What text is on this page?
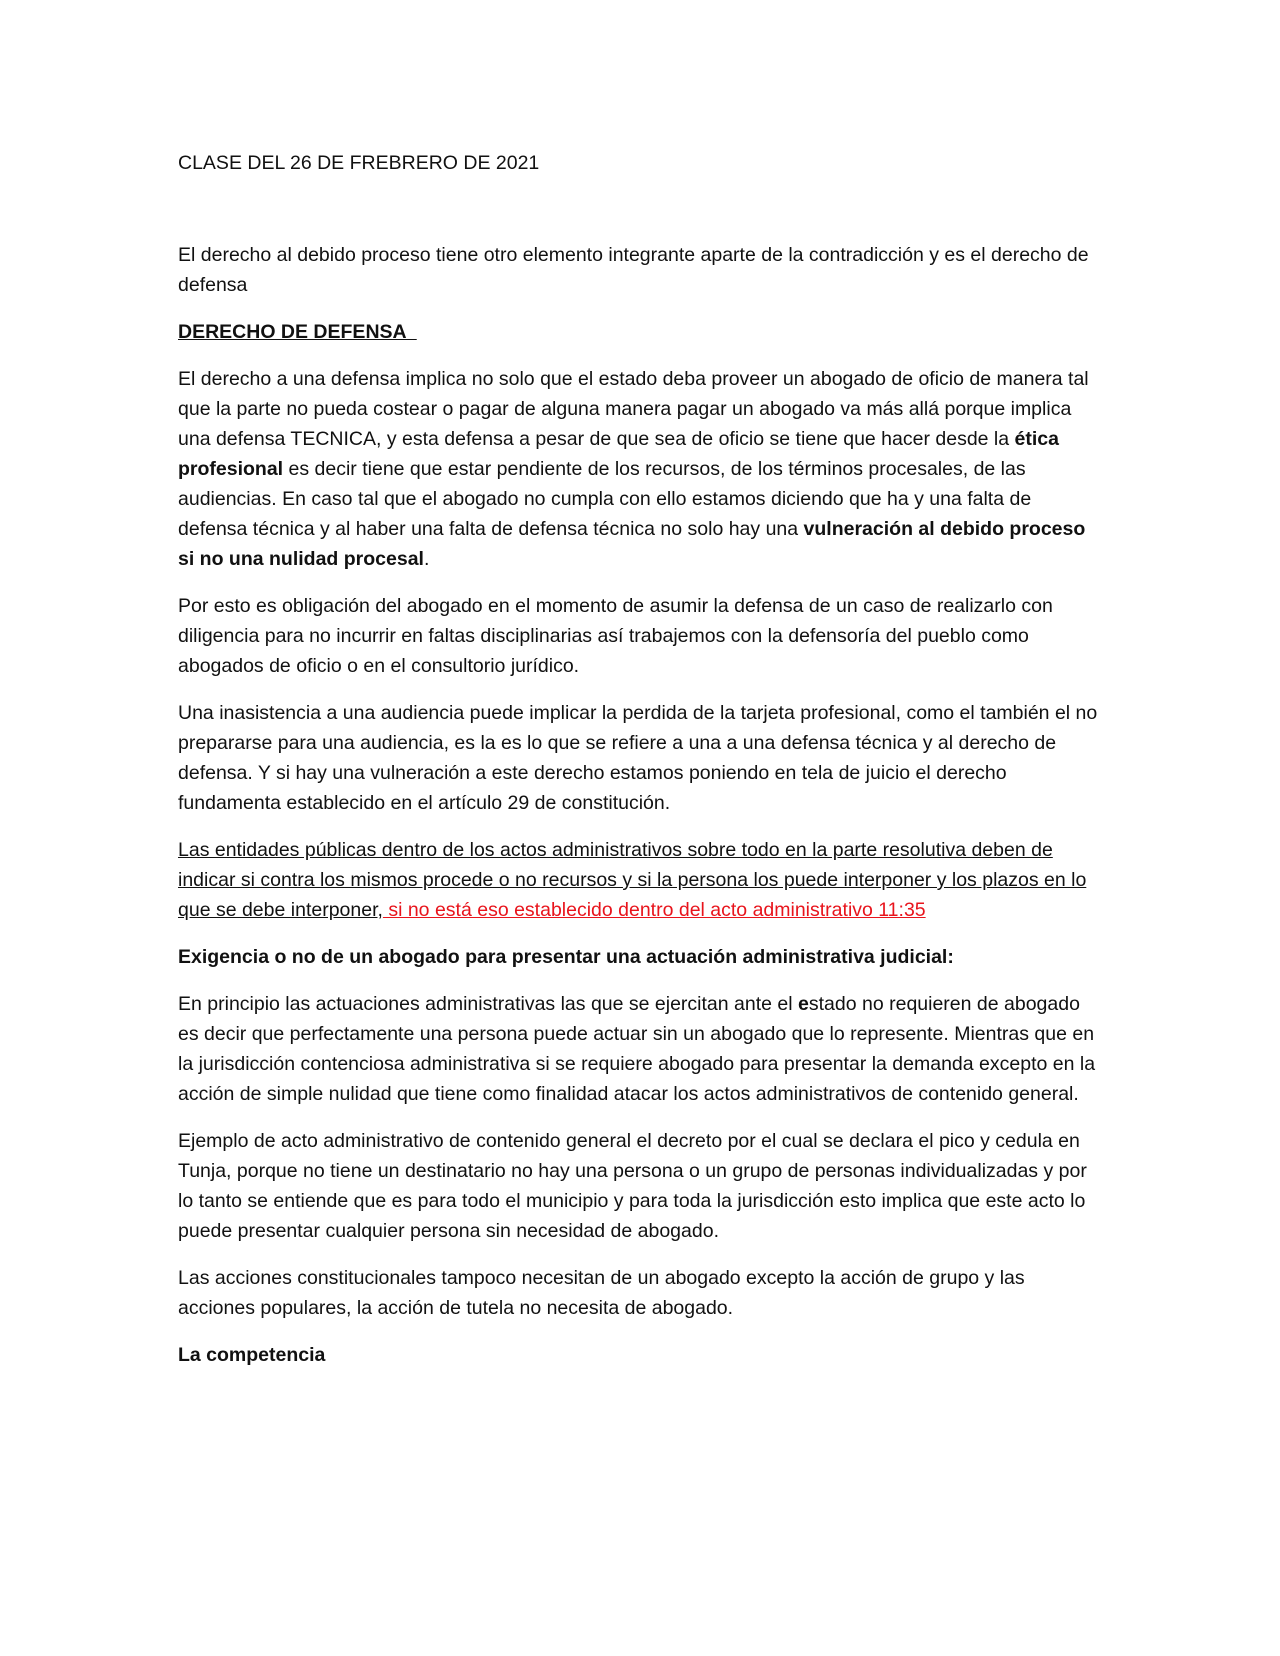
CLASE DEL 26 DE FREBRERO DE 2021

El derecho al debido proceso tiene otro elemento integrante aparte de la contradicción y es el derecho de defensa

DERECHO DE DEFENSA

El derecho a una defensa implica no solo que el estado deba proveer un abogado de oficio de manera tal que la parte no pueda costear o pagar de alguna manera pagar un abogado va más allá porque implica una defensa TECNICA, y esta defensa a pesar de que sea de oficio se tiene que hacer desde la ética profesional es decir tiene que estar pendiente de los recursos, de los términos procesales, de las audiencias. En caso tal que el abogado no cumpla con ello estamos diciendo que ha y una falta de defensa técnica y al haber una falta de defensa técnica no solo hay una vulneración al debido proceso si no una nulidad procesal.

Por esto es obligación del abogado en el momento de asumir la defensa de un caso de realizarlo con diligencia para no incurrir en faltas disciplinarias así trabajemos con la defensoría del pueblo como abogados de oficio o en el consultorio jurídico.

Una inasistencia a una audiencia puede implicar la perdida de la tarjeta profesional, como el también el no prepararse para una audiencia, es la es lo que se refiere a una a una defensa técnica y al derecho de defensa. Y si hay una vulneración a este derecho estamos poniendo en tela de juicio el derecho fundamenta establecido en el artículo 29 de constitución.

Las entidades públicas dentro de los actos administrativos sobre todo en la parte resolutiva deben de indicar si contra los mismos procede o no recursos y si la persona los puede interponer y los plazos en lo que se debe interponer, si no está eso establecido dentro del acto administrativo 11:35

Exigencia o no de un abogado para presentar una actuación administrativa judicial:

En principio las actuaciones administrativas las que se ejercitan ante el estado no requieren de abogado es decir que perfectamente una persona puede actuar sin un abogado que lo represente. Mientras que en la jurisdicción contenciosa administrativa si se requiere abogado para presentar la demanda excepto en la acción de simple nulidad que tiene como finalidad atacar los actos administrativos de contenido general.

Ejemplo de acto administrativo de contenido general el decreto por el cual se declara el pico y cedula en Tunja, porque no tiene un destinatario no hay una persona o un grupo de personas individualizadas y por lo tanto se entiende que es para todo el municipio y para toda la jurisdicción esto implica que este acto lo puede presentar cualquier persona sin necesidad de abogado.

Las acciones constitucionales tampoco necesitan de un abogado excepto la acción de grupo y las acciones populares, la acción de tutela no necesita de abogado.

La competencia
